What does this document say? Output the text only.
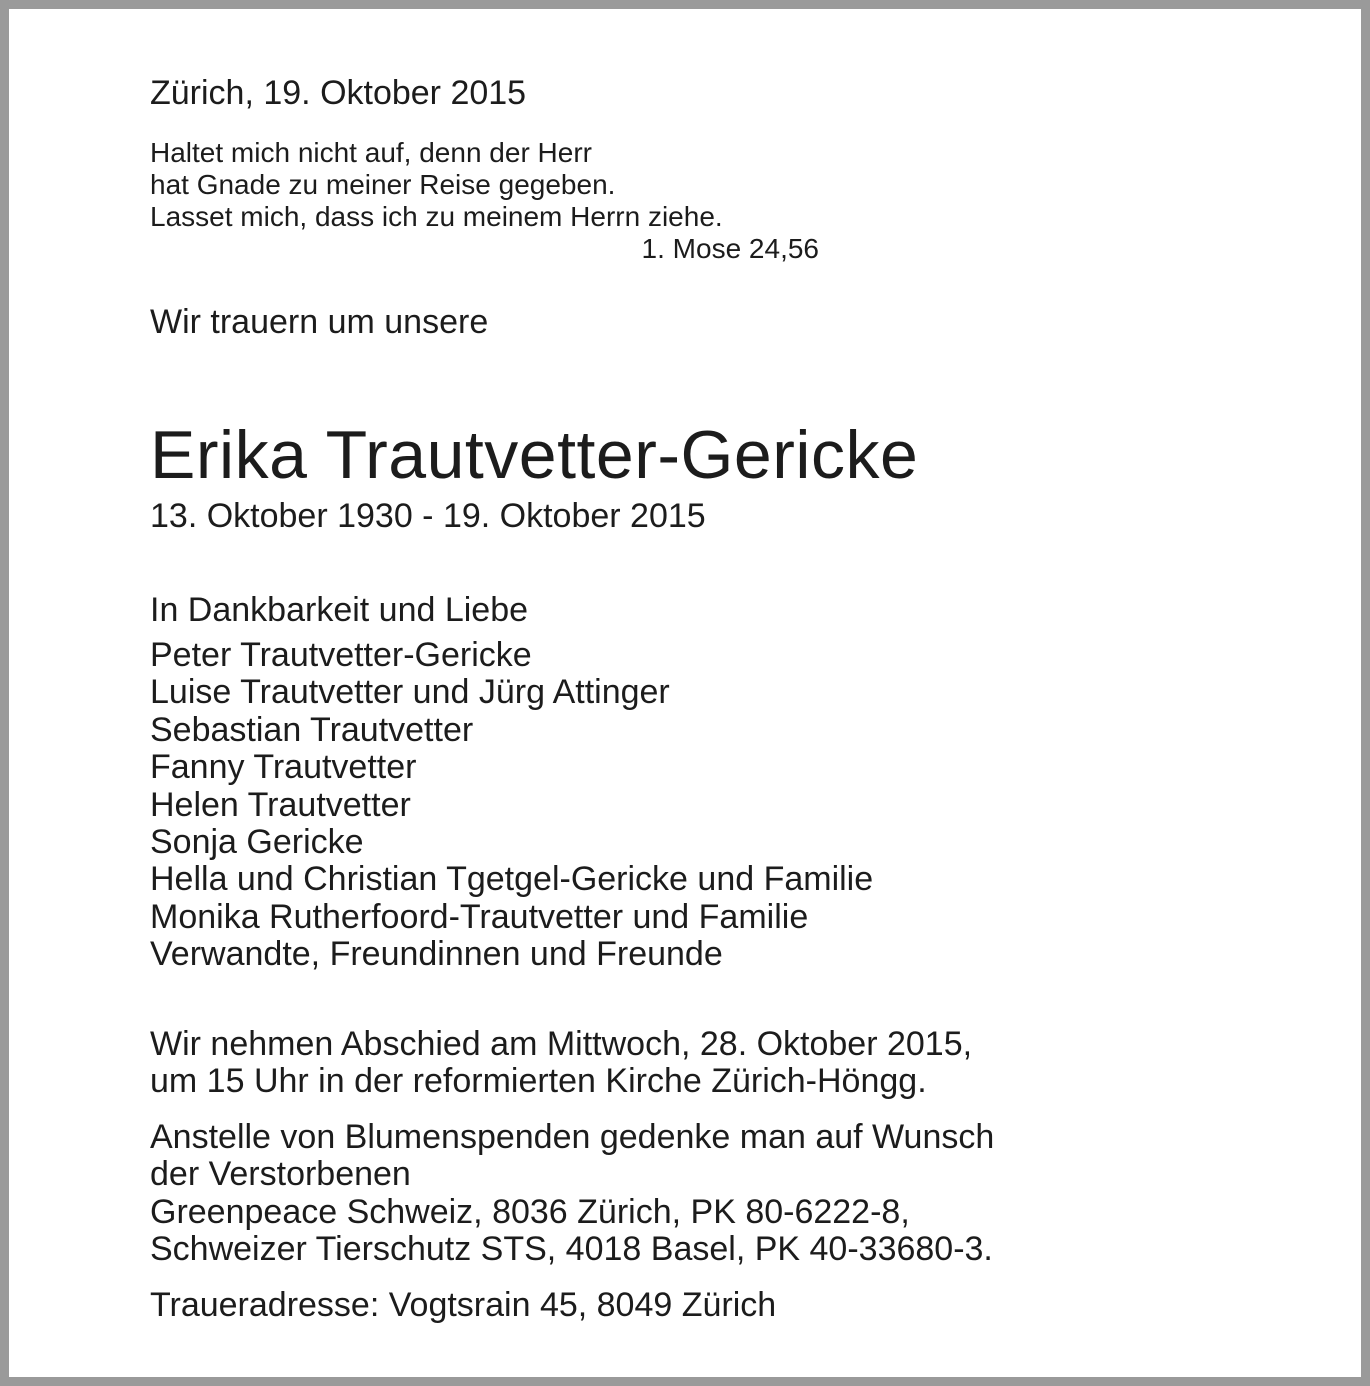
Zürich, 19. Oktober 2015

Haltet mich nicht auf, denn der Herr

hat Gnade zu meiner Reise gegeben.

Lasset mich, dass ich zu meinem Herrn ziehe.

1. Mose 24,56

Wir trauern um unsere

Erika Trautvetter-Gericke

13. Oktober 1930 - 19. Oktober 2015

In Dankbarkeit und Liebe

Peter Trautvetter-Gericke

Luise Trautvetter und Jürg Attinger

Sebastian Trautvetter

Fanny Trautvetter

Helen Trautvetter

Sonja Gericke

Hella und Christian Tgetgel-Gericke und Familie

Monika Rutherfoord-Trautvetter und Familie

Verwandte, Freundinnen und Freunde

Wir nehmen Abschied am Mittwoch, 28. Oktober 2015,

um 15 Uhr in der reformierten Kirche Zürich-Höngg.

Anstelle von Blumenspenden gedenke man auf Wunsch

der Verstorbenen

Greenpeace Schweiz, 8036 Zürich, PK 80-6222-8,

Schweizer Tierschutz STS, 4018 Basel, PK 40-33680-3.

Traueradresse: Vogtsrain 45, 8049 Zürich
